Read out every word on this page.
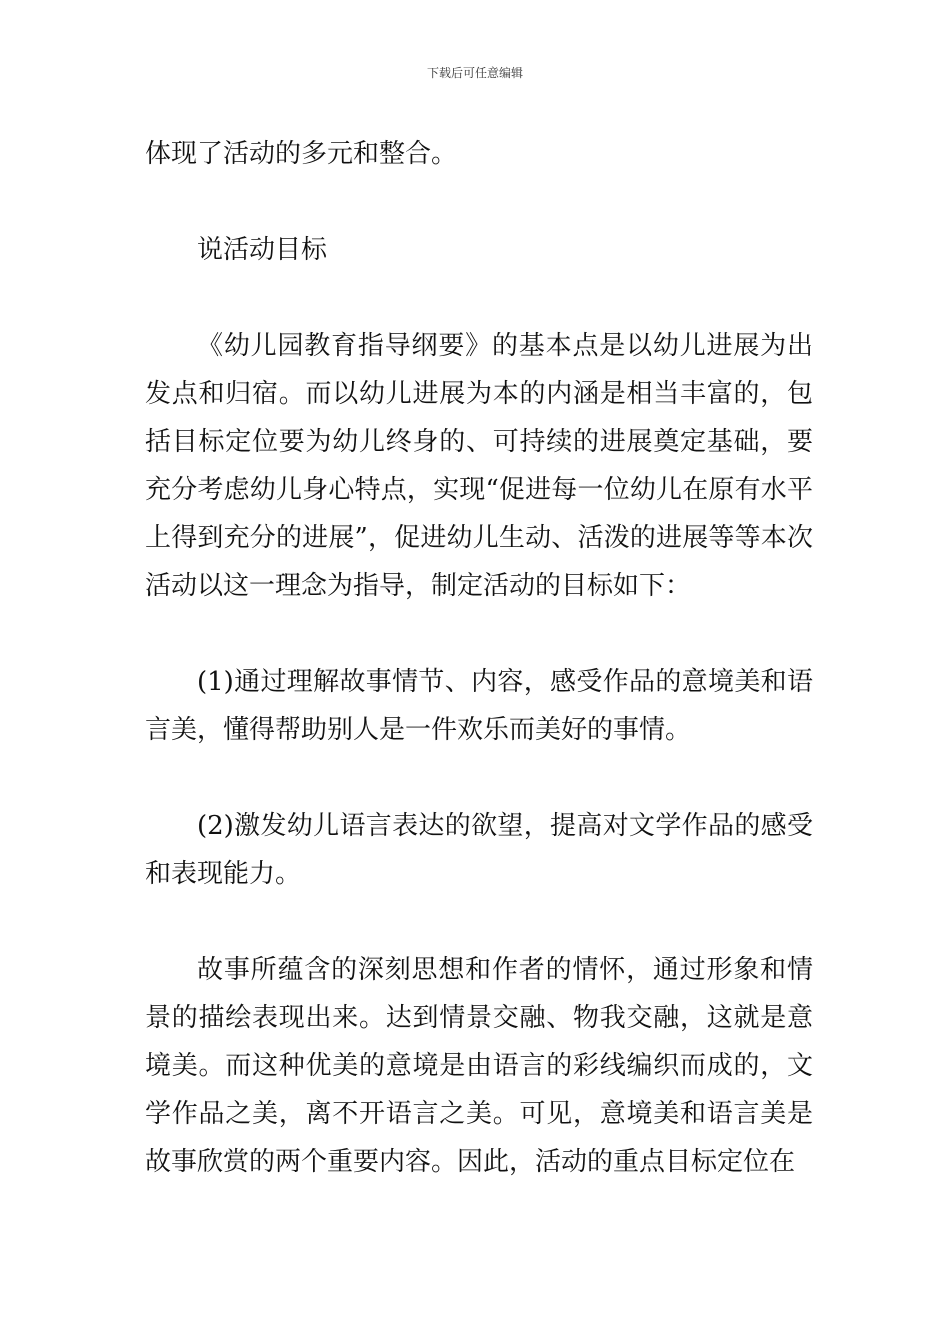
下载后可任意编辑

体现了活动的多元和整合。

说活动目标

《幼儿园教育指导纲要》的基本点是以幼儿进展为出发点和归宿。而以幼儿进展为本的内涵是相当丰富的，包括目标定位要为幼儿终身的、可持续的进展奠定基础，要充分考虑幼儿身心特点，实现“促进每一位幼儿在原有水平上得到充分的进展”，促进幼儿生动、活泼的进展等等本次活动以这一理念为指导，制定活动的目标如下：

(1)通过理解故事情节、内容，感受作品的意境美和语言美，懂得帮助别人是一件欢乐而美好的事情。

(2)激发幼儿语言表达的欲望，提高对文学作品的感受和表现能力。

故事所蕴含的深刻思想和作者的情怀，通过形象和情景的描绘表现出来。达到情景交融、物我交融，这就是意境美。而这种优美的意境是由语言的彩线编织而成的，文学作品之美，离不开语言之美。可见，意境美和语言美是故事欣赏的两个重要内容。因此，活动的重点目标定位在
